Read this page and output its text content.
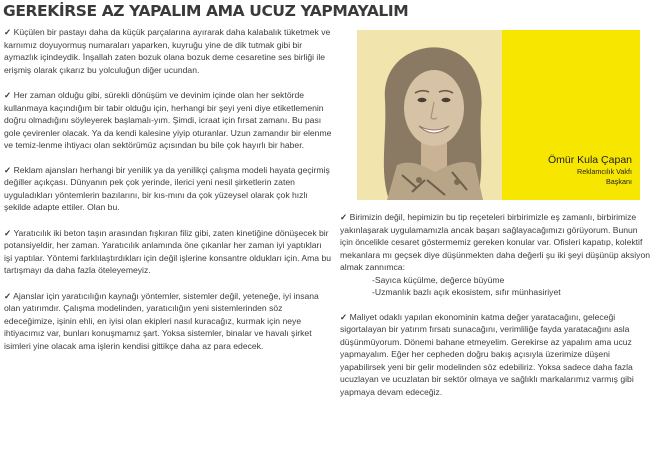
GEREKİRSE AZ YAPALIM AMA UCUZ YAPMAYALIM

✓ Küçülen bir pastayı daha da küçük parçalarına ayırarak daha kalabalık tüketmek ve karnımız doyuyormuş numaraları yaparken, kuyruğu yine de dik tutmak gibi bir aymazlık içindeydik. İnşallah zaten bozuk olana bozuk deme cesaretine ses birliği ile erişmiş olarak çıkarız bu yolculuğun diğer ucundan.

✓ Her zaman olduğu gibi, sürekli dönüşüm ve devinim içinde olan her sektörde kullanmaya kaçındığım bir tabir olduğu için, herhangi bir şeyi yeni diye etiketlemenin doğru olmadığını söyleyerek başlamalı-yım. Şimdi, icraat için fırsat zamanı. Bu pası gole çevirenler olacak. Ya da kendi kalesine yiyip oturanlar. Uzun zamandır bir elenme ve temiz-lenme ihtiyacı olan sektörümüz açısından bu bile çok hayırlı bir haber.

✓ Reklam ajansları herhangi bir yenilik ya da yenilikçi çalışma modeli hayata geçirmiş değiller açıkçası. Dünyanın pek çok yerinde, ilerici yeni nesil şirketlerin zaten uyguladıkları yöntemlerin bazılarını, bir kıs-mını da çok yüzeysel olarak çok hızlı şekilde adapte ettiler. Olan bu.

✓ Yaratıcılık iki beton taşın arasından fışkıran filiz gibi, zaten kinetiğine dönüşecek bir potansiyeldir, her zaman. Yaratıcılık anlamında öne çıkanlar her zaman iyi yaptıkları işi yaptılar. Yöntemi farklılaştırdıkları için değil işlerine konsantre oldukları için. Ama bu tartışmayı da daha fazla öteleyemeyiz.

✓ Ajanslar için yaratıcılığın kaynağı yöntemler, sistemler değil, yeteneğe, iyi insana olan yatırımdır. Çalışma modelinden, yaratıcılığın yeni sistemlerinden söz edeceğimize, işinin ehli, en iyisi olan ekipleri nasıl kuracağız, kurmak için neye ihtiyacımız var, bunları konuşmamız şart. Yoksa sistemler, binalar ve havalı şirket isimleri yine olacak ama işlerin kendisi gittikçe daha az para edecek.

Ömür Kula Çapan
Reklamcılık Vakfı
Başkanı

✓ Birimizin değil, hepimizin bu tip reçeteleri birbirimizle eş zamanlı, birbirimize yakınlaşarak uygulamamızla ancak başarı sağlayacağımızı görüyorum. Bunun için öncelikle cesaret göstermemiz gereken konular var. Ofisleri kapatıp, kolektif mekanlara mı geçsek diye düşünmekten daha değerli şu iki şeyi düşünüp aksiyon almak zannımca:
-Sayıca küçülme, değerce büyüme
-Uzmanlık bazlı açık ekosistem, sıfır münhasiriyet

✓ Maliyet odaklı yapılan ekonominin katma değer yaratacağını, geleceği sigortalayan bir yatırım fırsatı sunacağını, verimliliğe fayda yaratacağını asla düşünmüyorum. Dönemi bahane etmeyelim. Gerekirse az yapalım ama ucuz yapmayalım. Eğer her cepheden doğru bakış açısıyla üzerimize düşeni yapabilirsek yeni bir gelir modelinden söz edebiliriz. Yoksa sadece daha fazla ucuzlayan ve ucuzlatan bir sektör olmaya ve sağlıklı markalarımız varmış gibi yapmaya devam edeceğiz.
